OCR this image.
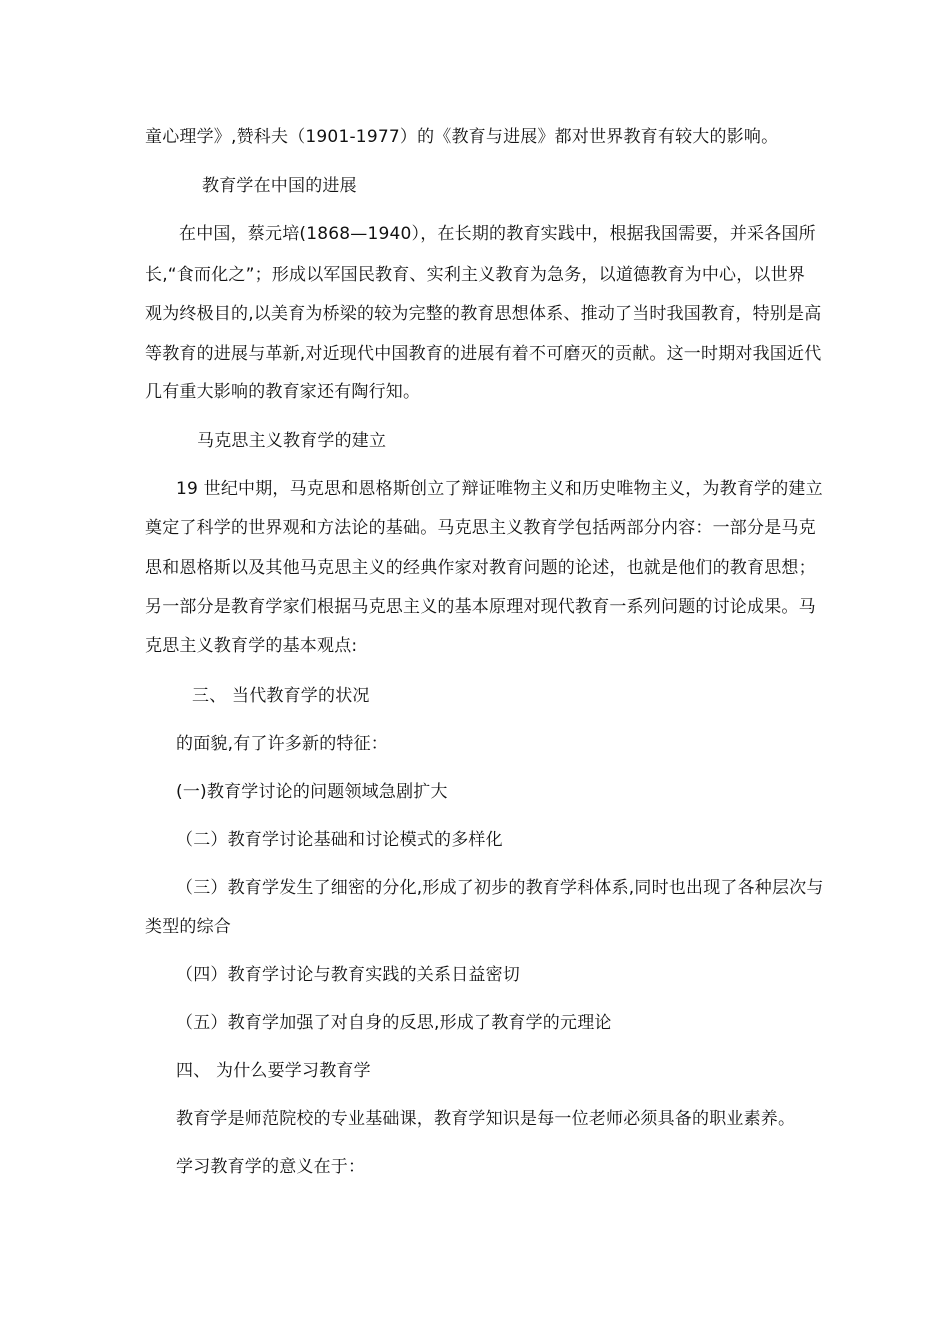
童心理学》,赞科夫（1901-1977）的《教育与进展》都对世界教育有较大的影响。
教育学在中国的进展
在中国，蔡元培(1868—1940），在长期的教育实践中，根据我国需要，并采各国所
长,“食而化之”；形成以军国民教育、实利主义教育为急务，以道德教育为中心，以世界
观为终极目的,以美育为桥梁的较为完整的教育思想体系、推动了当时我国教育，特别是高
等教育的进展与革新,对近现代中国教育的进展有着不可磨灭的贡献。这一时期对我国近代
几有重大影响的教育家还有陶行知。
马克思主义教育学的建立
19 世纪中期，马克思和恩格斯创立了辩证唯物主义和历史唯物主义，为教育学的建立
奠定了科学的世界观和方法论的基础。马克思主义教育学包括两部分内容：一部分是马克
思和恩格斯以及其他马克思主义的经典作家对教育问题的论述，也就是他们的教育思想；
另一部分是教育学家们根据马克思主义的基本原理对现代教育一系列问题的讨论成果。马
克思主义教育学的基本观点:
三、 当代教育学的状况
的面貌,有了许多新的特征：
(一)教育学讨论的问题领域急剧扩大
（二）教育学讨论基础和讨论模式的多样化
（三）教育学发生了细密的分化,形成了初步的教育学科体系,同时也出现了各种层次与
类型的综合
（四）教育学讨论与教育实践的关系日益密切
（五）教育学加强了对自身的反思,形成了教育学的元理论
四、 为什么要学习教育学
教育学是师范院校的专业基础课，教育学知识是每一位老师必须具备的职业素养。
学习教育学的意义在于：
